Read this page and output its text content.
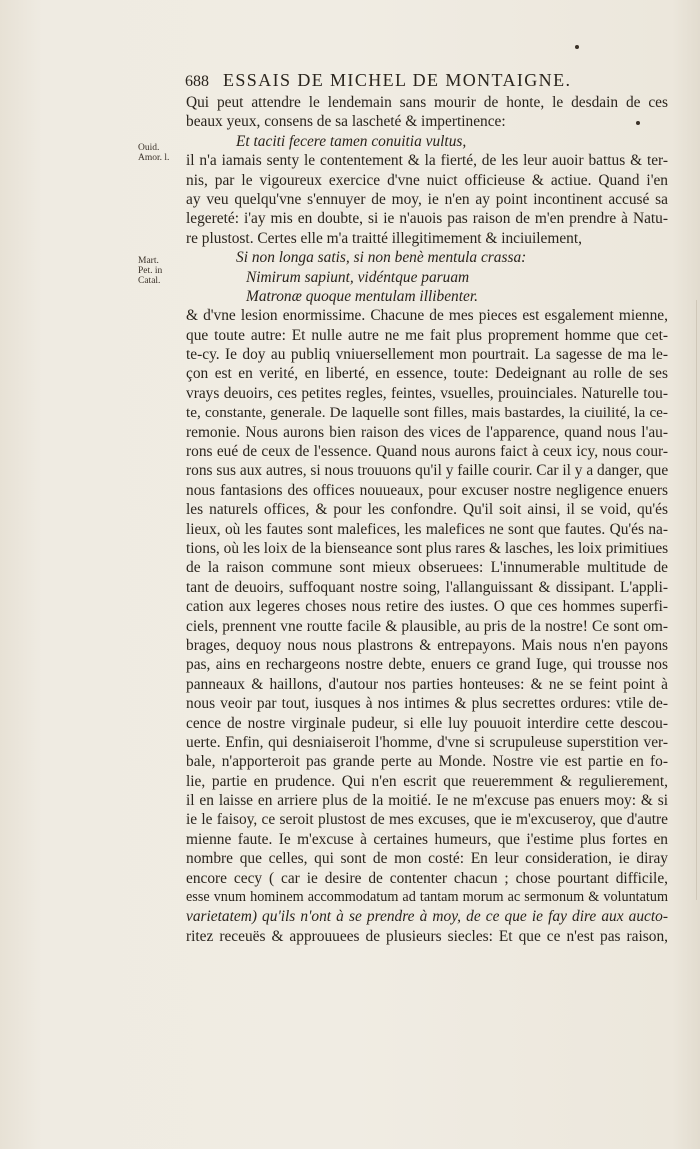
688 ESSAIS DE MICHEL DE MONTAIGNE.
Ouid.
Amor. l.
Mart.
Pet. in
Catal.
Qui peut attendre le lendemain sans mourir de honte, le desdain de ces
beaux yeux, consens de sa lascheté & impertinence:
Et taciti fecere tamen conuitia vultus,
il n'a iamais senty le contentement & la fierté, de les leur auoir battus & ter-
nis, par le vigoureux exercice d'vne nuict officieuse & actiue. Quand i'en
ay veu quelqu'vne s'ennuyer de moy, ie n'en ay point incontinent accusé sa
legereté: i'ay mis en doubte, si ie n'auois pas raison de m'en prendre à Natu-
re plustost. Certes elle m'a traitté illegitimement & inciuilement,
Si non longa satis, si non benè mentula crassa:
Nimirum sapiunt, vidéntque paruam
Matronæ quoque mentulam illibenter.
& d'vne lesion enormissime. Chacune de mes pieces est esgalement mienne,
que toute autre: Et nulle autre ne me fait plus proprement homme que cet-
te-cy. Ie doy au publiq vniuersellement mon pourtrait. La sagesse de ma le-
çon est en verité, en liberté, en essence, toute: Dedeignant au rolle de ses
vrays deuoirs, ces petites regles, feintes, vsuelles, prouinciales. Naturelle tou-
te, constante, generale. De laquelle sont filles, mais bastardes, la ciuilité, la ce-
remonie. Nous aurons bien raison des vices de l'apparence, quand nous l'au-
rons eué de ceux de l'essence. Quand nous aurons faict à ceux icy, nous cour-
rons sus aux autres, si nous trouuons qu'il y faille courir. Car il y a danger, que
nous fantasions des offices nouueaux, pour excuser nostre negligence enuers
les naturels offices, & pour les confondre. Qu'il soit ainsi, il se void, qu'és
lieux, où les fautes sont malefices, les malefices ne sont que fautes. Qu'és na-
tions, où les loix de la bienseance sont plus rares & lasches, les loix primitiues
de la raison commune sont mieux obseruees: L'innumerable multitude de
tant de deuoirs, suffoquant nostre soing, l'allanguissant & dissipant. L'appli-
cation aux legeres choses nous retire des iustes. O que ces hommes superfi-
ciels, prennent vne routte facile & plausible, au pris de la nostre! Ce sont om-
brages, dequoy nous nous plastrons & entrepayons. Mais nous n'en payons
pas, ains en rechargeons nostre debte, enuers ce grand Iuge, qui trousse nos
panneaux & haillons, d'autour nos parties honteuses: & ne se feint point à
nous veoir par tout, iusques à nos intimes & plus secrettes ordures: vtile de-
cence de nostre virginale pudeur, si elle luy pouuoit interdire cette descou-
uerte. Enfin, qui desniaiseroit l'homme, d'vne si scrupuleuse superstition ver-
bale, n'apporteroit pas grande perte au Monde. Nostre vie est partie en fo-
lie, partie en prudence. Qui n'en escrit que reueremment & regulierement,
il en laisse en arriere plus de la moitié. Ie ne m'excuse pas enuers moy: & si
ie le faisoy, ce seroit plustost de mes excuses, que ie m'excuseroy, que d'autre
mienne faute. Ie m'excuse à certaines humeurs, que i'estime plus fortes en
nombre que celles, qui sont de mon costé: En leur consideration, ie diray
encore cecy ( car ie desire de contenter chacun ; chose pourtant difficile,
esse vnum hominem accommodatum ad tantam morum ac sermonum & voluntatum
varietatem) qu'ils n'ont à se prendre à moy, de ce que ie fay dire aux aucto-
ritez receuës & approuuees de plusieurs siecles: Et que ce n'est pas raison,
